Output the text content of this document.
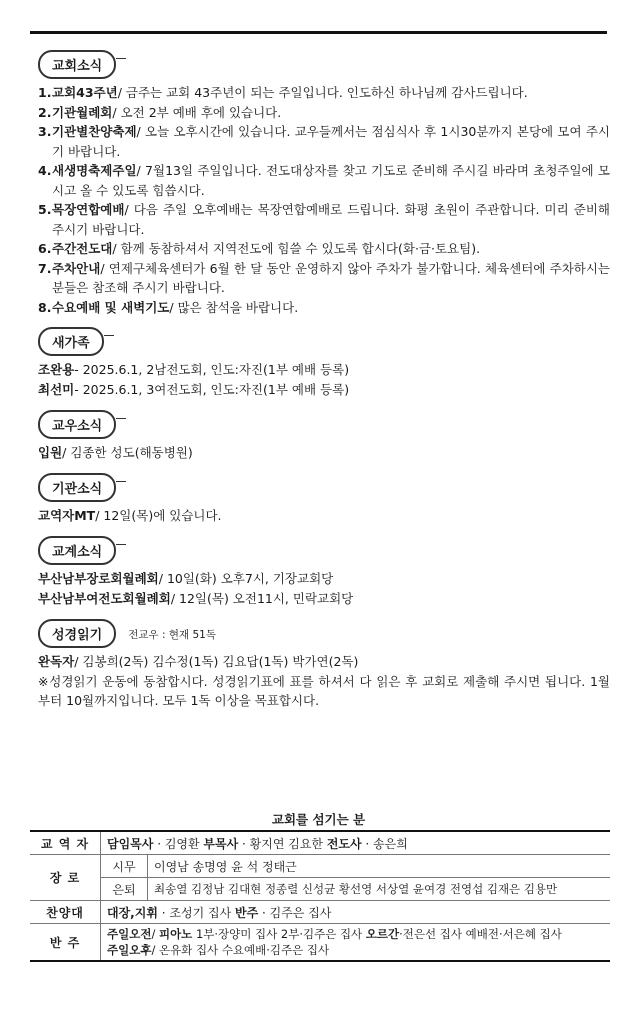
교회소식
1. 교회43주년/ 금주는 교회 43주년이 되는 주일입니다. 인도하신 하나님께 감사드립니다.
2. 기관월례회/ 오전 2부 예배 후에 있습니다.
3. 기관별찬양축제/ 오늘 오후시간에 있습니다. 교우들께서는 점심식사 후 1시30분까지 본당에 모여 주시기 바랍니다.
4. 새생명축제주일/ 7월13일 주일입니다. 전도대상자를 찾고 기도로 준비해 주시길 바라며 초청주일에 모시고 올 수 있도록 힘씁시다.
5. 목장연합예배/ 다음 주일 오후예배는 목장연합예배로 드립니다. 화평 초원이 주관합니다. 미리 준비해 주시기 바랍니다.
6. 주간전도대/ 함께 동참하셔서 지역전도에 힘쓸 수 있도록 합시다(화·금·토요팀).
7. 주차안내/ 연제구체육센터가 6월 한 달 동안 운영하지 않아 주차가 불가합니다. 체육센터에 주차하시는 분들은 참조해 주시기 바랍니다.
8. 수요예배 및 새벽기도/ 많은 참석을 바랍니다.
새가족
조완용- 2025.6.1, 2남전도회, 인도:자진(1부 예배 등록)
최선미- 2025.6.1, 3여전도회, 인도:자진(1부 예배 등록)
교우소식
입원/ 김종한 성도(해동병원)
기관소식
교역자MT/ 12일(목)에 있습니다.
교계소식
부산남부장로회월례회/ 10일(화) 오후7시, 기장교회당
부산남부여전도회월례회/ 12일(목) 오전11시, 민락교회당
성경읽기	전교우 : 현재 51독
완독자/ 김봉희(2독) 김수정(1독) 김요답(1독) 박가연(2독)
※성경읽기 운동에 동참합시다. 성경읽기표에 표를 하셔서 다 읽은 후 교회로 제출해 주시면 됩니다. 1월부터 10월까지입니다. 모두 1독 이상을 목표합시다.
교회를 섬기는 분
교 역 자	담임목사 · 김영환 부목사 · 황지연 김요한 전도사 · 송은희	
장 로	시무	이영남 송명영 윤 석 정태근
	은퇴	최송열 김정남 김대현 정종렬 신성균 황선영 서상열 윤여경 전영섭 김재은 김용만
찬양대	대장,지휘 · 조성기 집사 반주 · 김주은 집사	
반 주	주일오전/ 피아노 1부·장양미 집사 2부·김주은 집사 오르간·전은선 집사 예배전·서은혜 집사
주일오후/ 온유화 집사 수요예배·김주은 집사	
